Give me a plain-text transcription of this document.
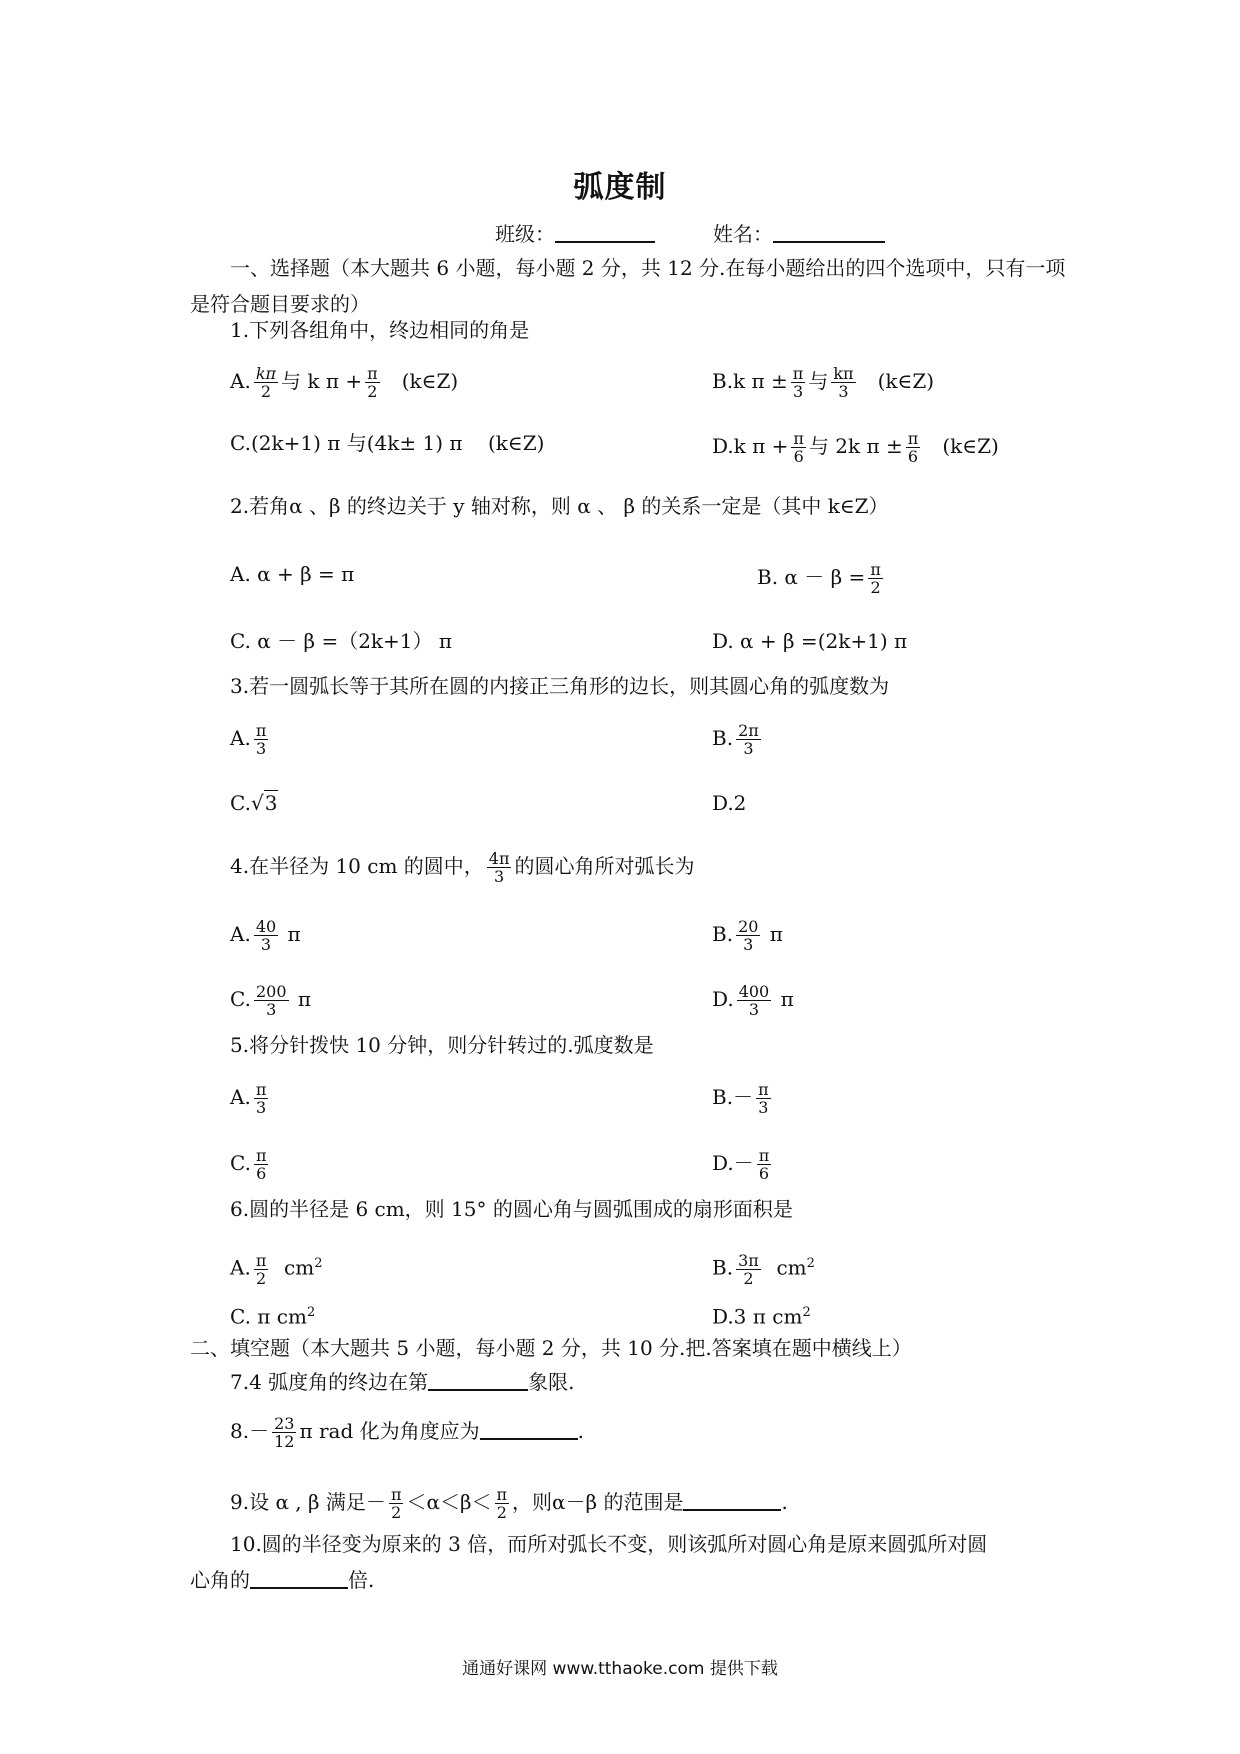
弧度制
班级：	姓名：
一、选择题（本大题共 6 小题，每小题 2 分，共 12 分.在每小题给出的四个选项中，只有一项是符合题目要求的）
1.下列各组角中，终边相同的角是
A. $\frac{k\pi}{2}$ 与 k $\pi + \frac{\pi}{2}$ (k∈Z)	B.k $\pi \pm \frac{\pi}{3}$ 与 $\frac{k\pi}{3}$ (k∈Z)
C.(2k+1) π 与(4k± 1) π (k∈Z)	D.k $\pi + \frac{\pi}{6}$ 与 2k $\pi \pm \frac{\pi}{6}$ (k∈Z)
2.若角α 、β 的终边关于 y 轴对称，则 α 、 β 的关系一定是（其中 k∈Z）
A. α + β = π	B. $\alpha - \beta = \frac{\pi}{2}$
C. α － β =（2k+1） π	D. α + β =(2k+1) π
3.若一圆弧长等于其所在圆的内接正三角形的边长，则其圆心角的弧度数为
A. $\frac{\pi}{3}$	B. $\frac{2\pi}{3}$
C.√3	D.2
4.在半径为 10 cm 的圆中， $\frac{4\pi}{3}$ 的圆心角所对弧长为
A. $\frac{40}{3}$ π	B. $\frac{20}{3}$ π
C. $\frac{200}{3}$ π	D. $\frac{400}{3}$ π
5.将分针拨快 10 分钟，则分针转过的.弧度数是
A. $\frac{\pi}{3}$	$B.- \frac{\pi}{3}$
C. $\frac{\pi}{6}$	$D.- \frac{\pi}{6}$
6.圆的半径是 6 cm，则 15° 的圆心角与圆弧围成的扇形面积是
A. $\frac{\pi}{2} cm^2$	B. $\frac{3\pi}{2} cm^2$
C. π $cm^2$	D.3 π $cm^2$
二、填空题（本大题共 5 小题，每小题 2 分，共 10 分.把.答案填在题中横线上）
7.4 弧度角的终边在第	象限.
$8.- \frac{23}{12}$ π rad 化为角度应为	.
9.设 α , β 满足－ $\frac{\pi}{2} <\alpha<\beta< \frac{\pi}{2}$ ，则α－β 的范围是	.
10.圆的半径变为原来的 3 倍，而所对弧长不变，则该弧所对圆心角是原来圆弧所对圆
心角的	倍.
通通好课网 www.tthaoke.com 提供下载
